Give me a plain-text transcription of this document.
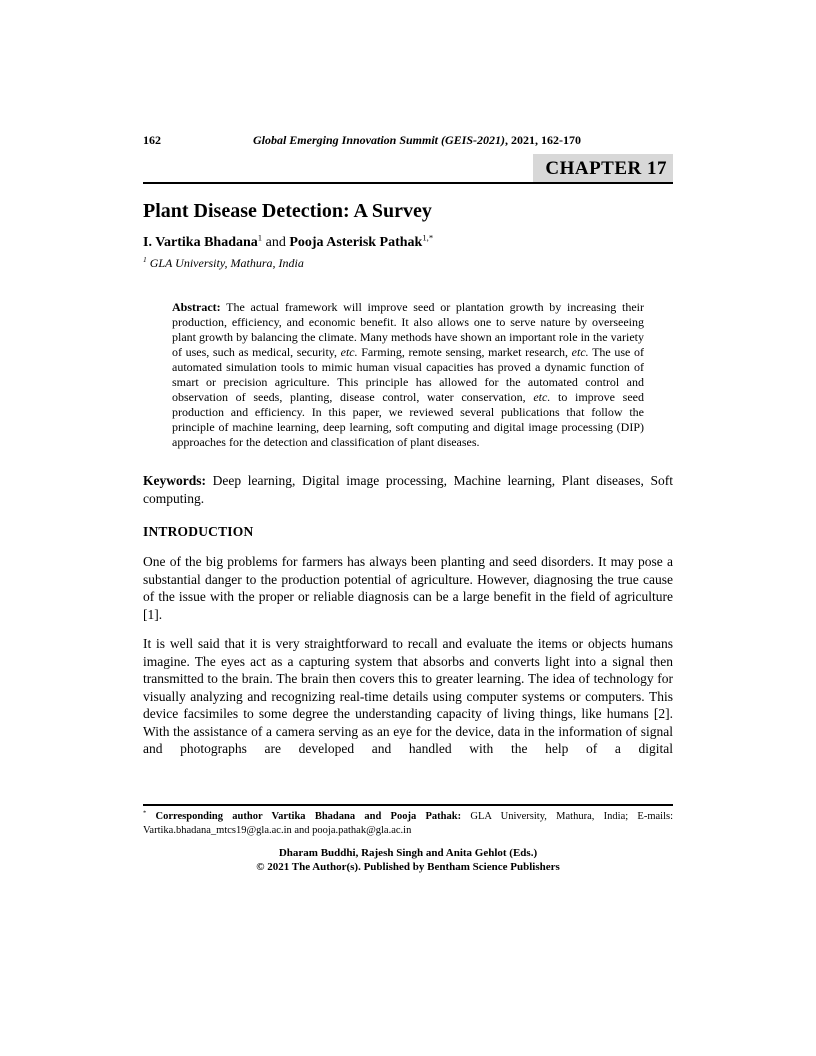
162	Global Emerging Innovation Summit (GEIS-2021), 2021, 162-170
CHAPTER 17
Plant Disease Detection: A Survey
I. Vartika Bhadana$^1$ and Pooja Asterisk Pathak$^{1,*}$
$^1$ GLA University, Mathura, India
Abstract: The actual framework will improve seed or plantation growth by increasing their production, efficiency, and economic benefit. It also allows one to serve nature by overseeing plant growth by balancing the climate. Many methods have shown an important role in the variety of uses, such as medical, security, etc. Farming, remote sensing, market research, etc. The use of automated simulation tools to mimic human visual capacities has proved a dynamic function of smart or precision agriculture. This principle has allowed for the automated control and observation of seeds, planting, disease control, water conservation, etc. to improve seed production and efficiency. In this paper, we reviewed several publications that follow the principle of machine learning, deep learning, soft computing and digital image processing (DIP) approaches for the detection and classification of plant diseases.
Keywords: Deep learning, Digital image processing, Machine learning, Plant diseases, Soft computing.
INTRODUCTION

One of the big problems for farmers has always been planting and seed disorders. It may pose a substantial danger to the production potential of agriculture. However, diagnosing the true cause of the issue with the proper or reliable diagnosis can be a large benefit in the field of agriculture [1].

It is well said that it is very straightforward to recall and evaluate the items or objects humans imagine. The eyes act as a capturing system that absorbs and converts light into a signal then transmitted to the brain. The brain then covers this to greater learning. The idea of technology for visually analyzing and recognizing real-time details using computer systems or computers. This device facsimiles to some degree the understanding capacity of living things, like humans [2]. With the assistance of a camera serving as an eye for the device, data in the information of signal and photographs are developed and handled with the help of a digital

* Corresponding author Vartika Bhadana and Pooja Pathak: GLA University, Mathura, India; E-mails: Vartika.bhadana_mtcs19@gla.ac.in and pooja.pathak@gla.ac.in
Dharam Buddhi, Rajesh Singh and Anita Gehlot (Eds.)
© 2021 The Author(s). Published by Bentham Science Publishers
